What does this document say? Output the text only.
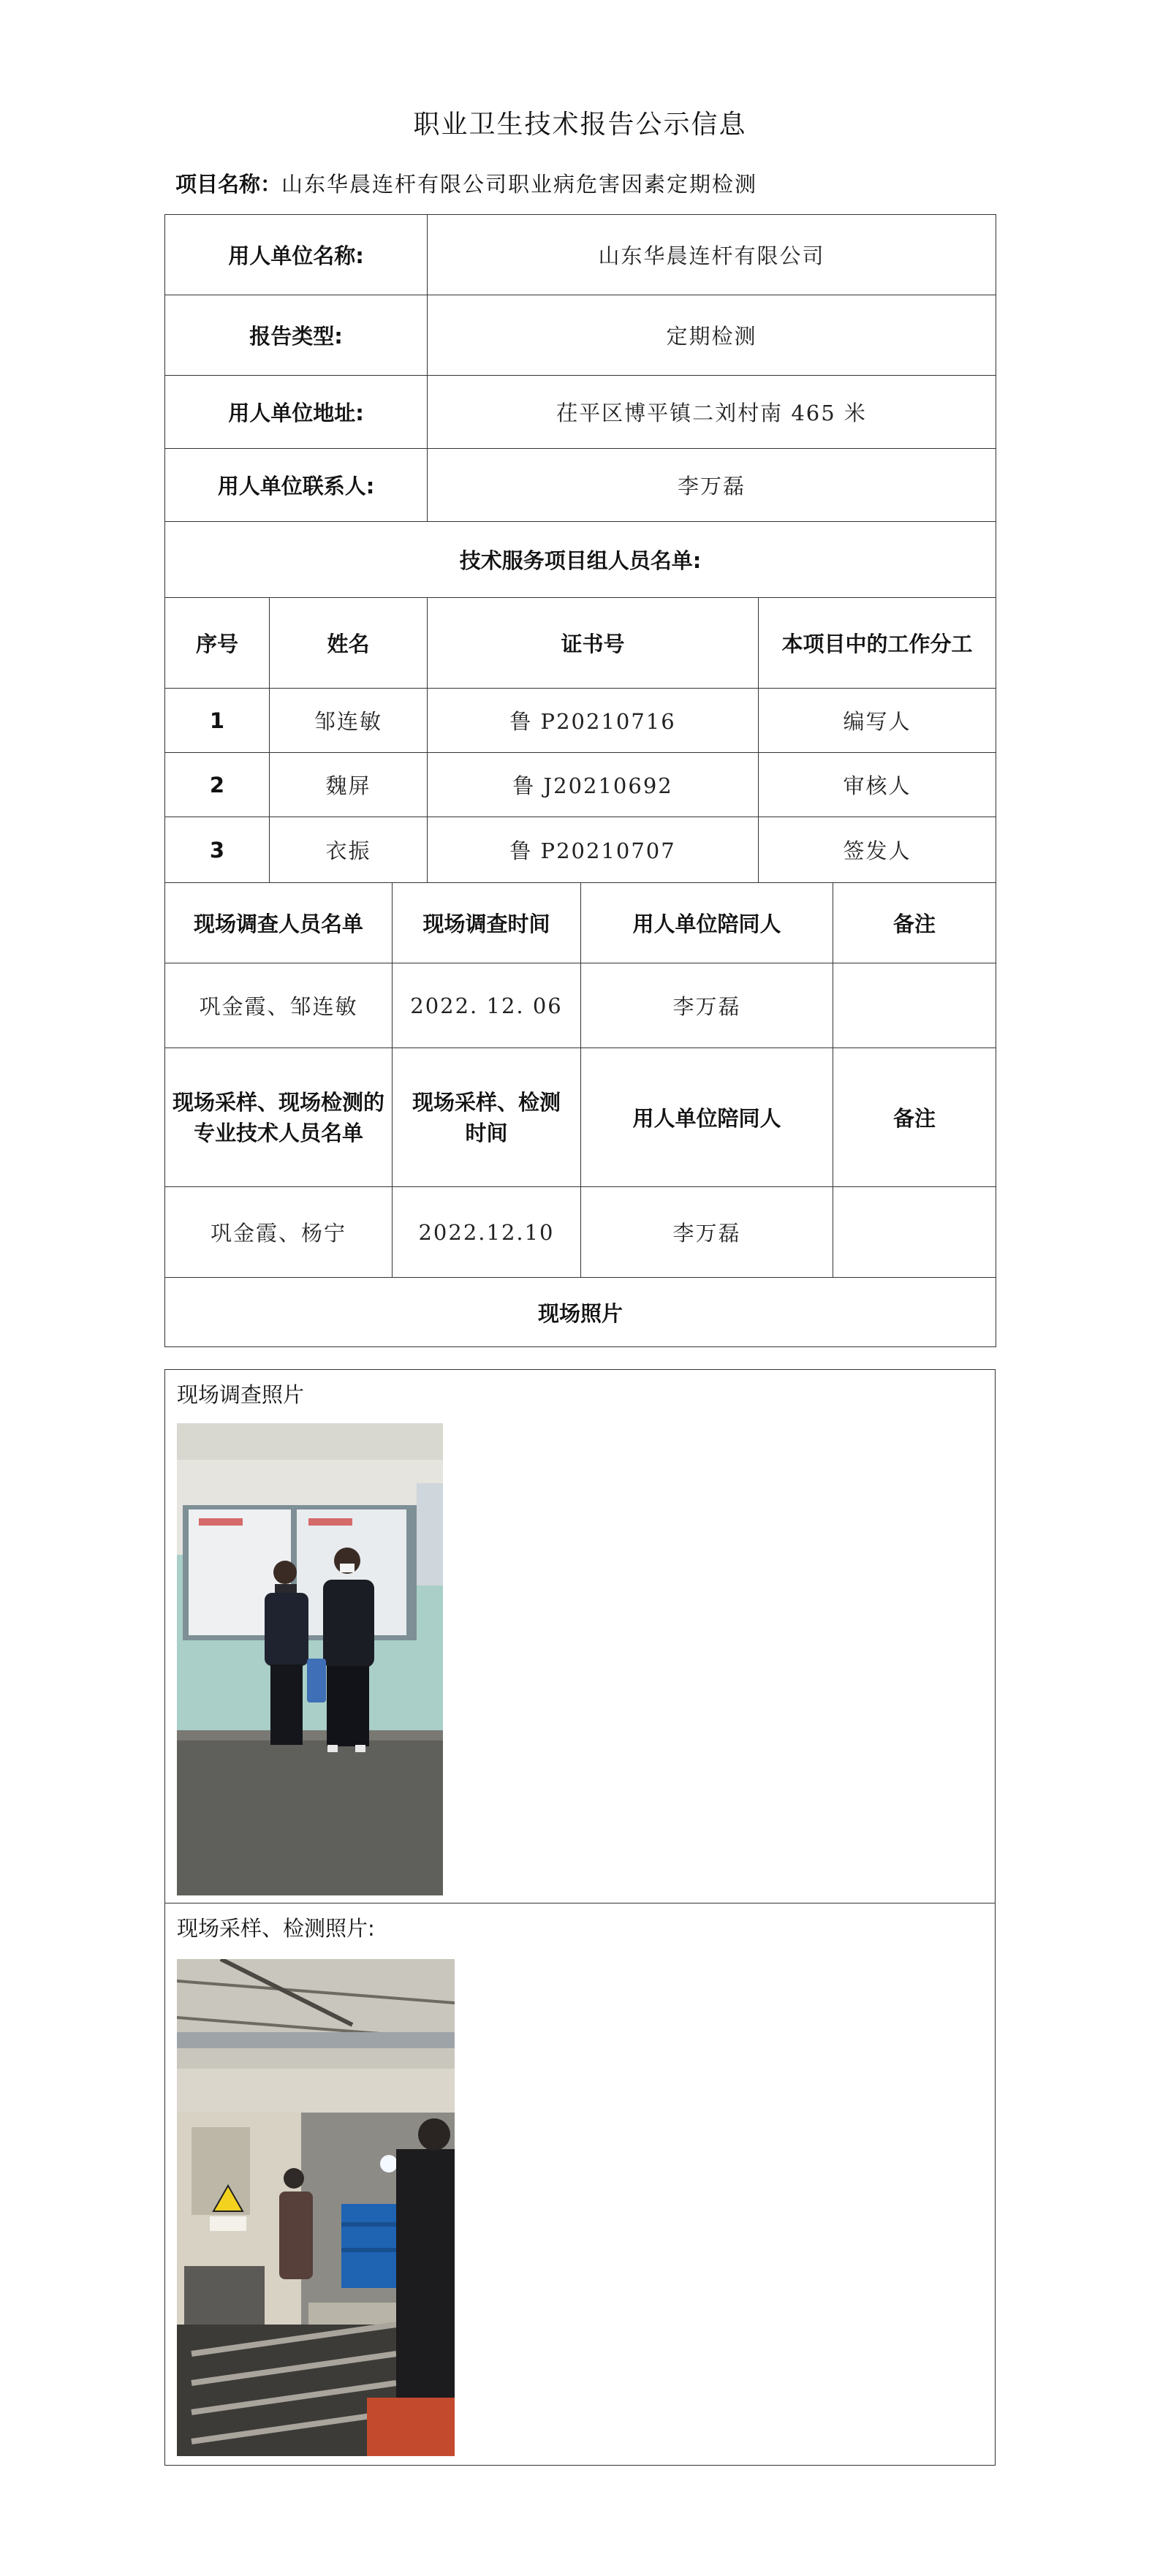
职业卫生技术报告公示信息
项目名称：山东华晨连杆有限公司职业病危害因素定期检测
用人单位名称:		山东华晨连杆有限公司	
报告类型:		定期检测	
用人单位地址:		茌平区博平镇二刘村南 465 米	
用人单位联系人:		李万磊	
技术服务项目组人员名单:			
序号	姓名	证书号	本项目中的工作分工
1	邹连敏	鲁 P20210716	编写人
2	魏屏	鲁 J20210692	审核人
3	衣振	鲁 P20210707	签发人
现场调查人员名单	现场调查时间	用人单位陪同人	备注
巩金霞、邹连敏	2022. 12. 06	李万磊	
现场采样、现场检测的专业技术人员名单	现场采样、检测时间	用人单位陪同人	备注
巩金霞、杨宁	2022.12.10	李万磊	
现场照片			
现场调查照片
现场采样、检测照片:
